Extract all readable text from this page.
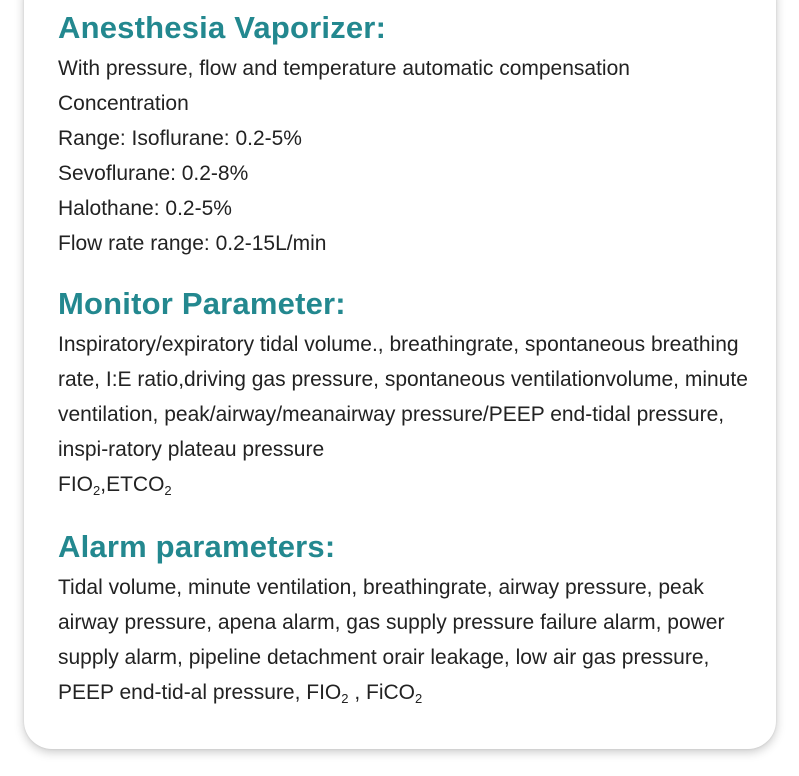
Anesthesia Vaporizer:
With pressure, flow and temperature automatic compensation
Concentration
Range: Isoflurane: 0.2-5%
Sevoflurane: 0.2-8%
Halothane: 0.2-5%
Flow rate range: 0.2-15L/min
Monitor Parameter:
Inspiratory/expiratory tidal volume., breathingrate, spontaneous breathing rate, I:E ratio,driving gas pressure, spontaneous ventilationvolume, minute ventilation, peak/airway/meanairway pressure/PEEP end-tidal pressure, inspi-ratory plateau pressure
$FIO_2,ETCO_2$
Alarm parameters:
Tidal volume, minute ventilation, breathingrate, airway pressure, peak airway pressure, apena alarm, gas supply pressure failure alarm, power supply alarm, pipeline detachment orair leakage, low air gas pressure, PEEP end-tid-al pressure, $FIO_2$ , FiCO$_2$
